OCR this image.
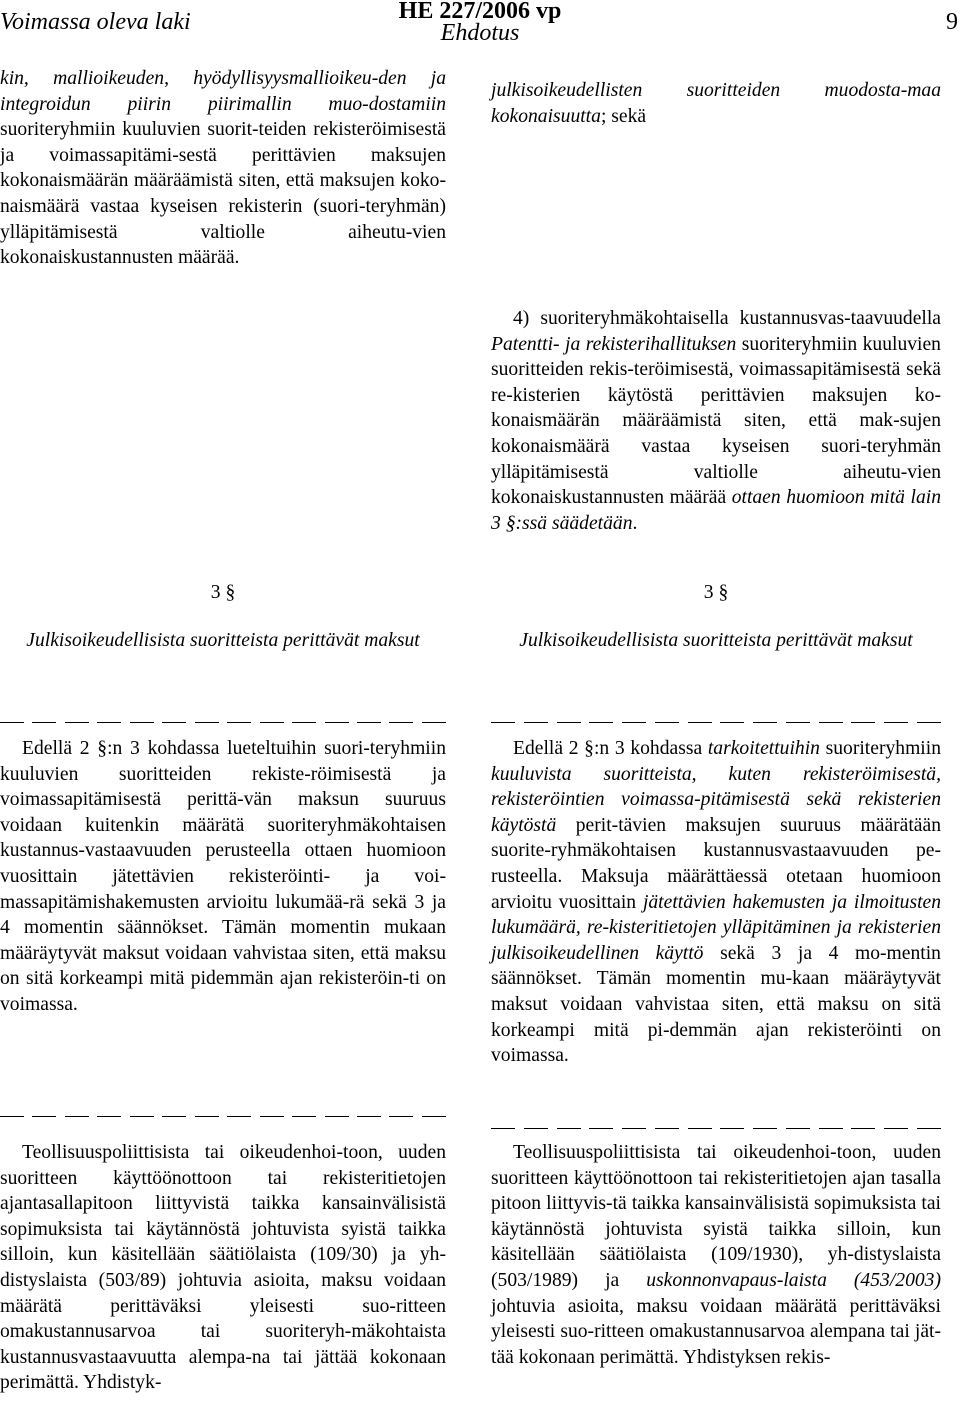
Voimassa oleva laki	HE 227/2006 vp
Ehdotus	9

kin, mallioikeuden, hyödyllisyysmallioikeu-den ja integroidun piirin piirimallin muo-dostamiin suoriteryhmiin kuuluvien suorit-teiden rekisteröimisestä ja voimassapitämi-sestä perittävien maksujen kokonaismäärän määräämistä siten, että maksujen koko-naismäärä vastaa kyseisen rekisterin (suori-teryhmän) ylläpitämisestä valtiolle aiheutu-vien kokonaiskustannusten määrää.

3 §

Julkisoikeudellisista suoritteista perittävät maksut

Edellä 2 §:n 3 kohdassa lueteltuihin suori-teryhmiin kuuluvien suoritteiden rekiste-röimisestä ja voimassapitämisestä perittä-vän maksun suuruus voidaan kuitenkin määrätä suoriteryhmäkohtaisen kustannus-vastaavuuden perusteella ottaen huomioon vuosittain jätettävien rekisteröinti- ja voi-massapitämishakemusten arvioitu lukumää-rä sekä 3 ja 4 momentin säännökset. Tämän momentin mukaan määräytyvät maksut voidaan vahvistaa siten, että maksu on sitä korkeampi mitä pidemmän ajan rekisteröin-ti on voimassa.

Teollisuuspoliittisista tai oikeudenhoi-toon, uuden suoritteen käyttöönottoon tai rekisteritietojen ajantasallapitoon liittyvistä taikka kansainvälisistä sopimuksista tai käytännöstä johtuvista syistä taikka silloin, kun käsitellään säätiölaista (109/30) ja yh-distyslaista (503/89) johtuvia asioita, maksu voidaan määrätä perittäväksi yleisesti suo-ritteen omakustannusarvoa tai suoriteryh-mäkohtaista kustannusvastaavuutta alempa-na tai jättää kokonaan perimättä. Yhdistyk-

julkisoikeudellisten suoritteiden muodosta-maa kokonaisuutta; sekä

4) suoriteryhmäkohtaisella kustannusvas-taavuudella Patentti- ja rekisterihallituksen suoriteryhmiin kuuluvien suoritteiden rekis-teröimisestä, voimassapitämisestä sekä re-kisterien käytöstä perittävien maksujen ko-konaismäärän määräämistä siten, että mak-sujen kokonaismäärä vastaa kyseisen suori-teryhmän ylläpitämisestä valtiolle aiheutu-vien kokonaiskustannusten määrää ottaen huomioon mitä lain 3 §:ssä säädetään.

3 §

Julkisoikeudellisista suoritteista perittävät maksut

Edellä 2 §:n 3 kohdassa tarkoitettuihin suoriteryhmiin kuuluvista suoritteista, kuten rekisteröimisestä, rekisteröintien voimassa-pitämisestä sekä rekisterien käytöstä perit-tävien maksujen suuruus määrätään suorite-ryhmäkohtaisen kustannusvastaavuuden pe-rusteella. Maksuja määrättäessä otetaan huomioon arvioitu vuosittain jätettävien hakemusten ja ilmoitusten lukumäärä, re-kisteritietojen ylläpitäminen ja rekisterien julkisoikeudellinen käyttö sekä 3 ja 4 mo-mentin säännökset. Tämän momentin mu-kaan määräytyvät maksut voidaan vahvistaa siten, että maksu on sitä korkeampi mitä pi-demmän ajan rekisteröinti on voimassa.

Teollisuuspoliittisista tai oikeudenhoi-toon, uuden suoritteen käyttöönottoon tai rekisteritietojen ajan tasalla pitoon liittyvis-tä taikka kansainvälisistä sopimuksista tai käytännöstä johtuvista syistä taikka silloin, kun käsitellään säätiölaista (109/1930), yh-distyslaista (503/1989) ja uskonnonvapaus-laista (453/2003) johtuvia asioita, maksu voidaan määrätä perittäväksi yleisesti suo-ritteen omakustannusarvoa alempana tai jät-tää kokonaan perimättä. Yhdistyksen rekis-
